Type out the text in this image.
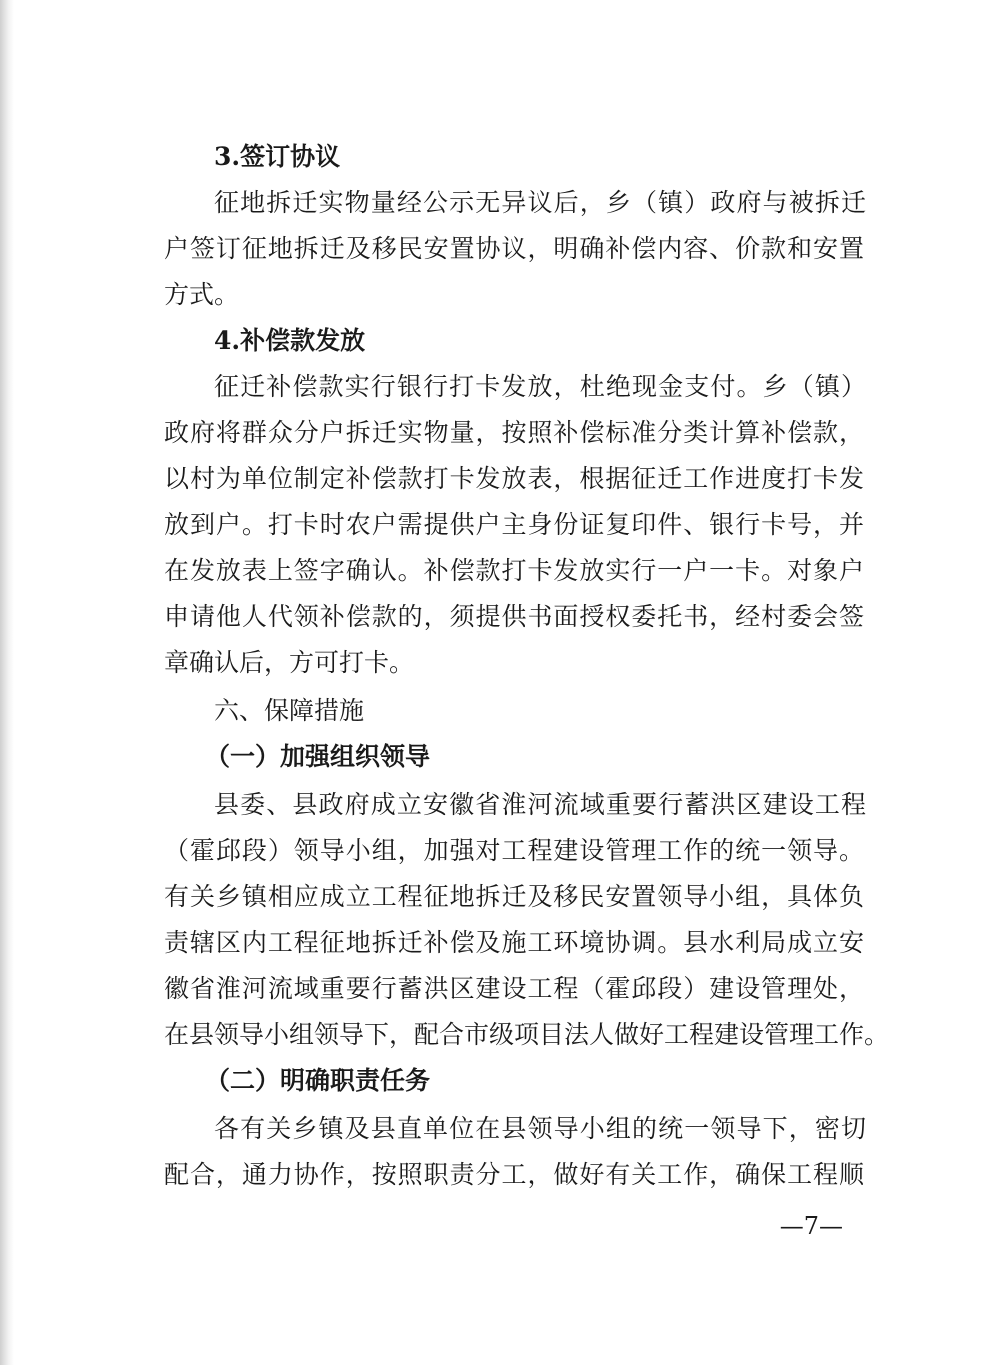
3.签订协议
征地拆迁实物量经公示无异议后，乡（镇）政府与被拆迁
户签订征地拆迁及移民安置协议，明确补偿内容、价款和安置
方式。
4.补偿款发放
征迁补偿款实行银行打卡发放，杜绝现金支付。乡（镇）
政府将群众分户拆迁实物量，按照补偿标准分类计算补偿款，
以村为单位制定补偿款打卡发放表，根据征迁工作进度打卡发
放到户。打卡时农户需提供户主身份证复印件、银行卡号，并
在发放表上签字确认。补偿款打卡发放实行一户一卡。对象户
申请他人代领补偿款的，须提供书面授权委托书，经村委会签
章确认后，方可打卡。
六、保障措施
（一）加强组织领导
县委、县政府成立安徽省淮河流域重要行蓄洪区建设工程
（霍邱段）领导小组，加强对工程建设管理工作的统一领导。
有关乡镇相应成立工程征地拆迁及移民安置领导小组，具体负
责辖区内工程征地拆迁补偿及施工环境协调。县水利局成立安
徽省淮河流域重要行蓄洪区建设工程（霍邱段）建设管理处，
在县领导小组领导下，配合市级项目法人做好工程建设管理工作。
（二）明确职责任务
各有关乡镇及县直单位在县领导小组的统一领导下，密切
配合，通力协作，按照职责分工，做好有关工作，确保工程顺
—7—
